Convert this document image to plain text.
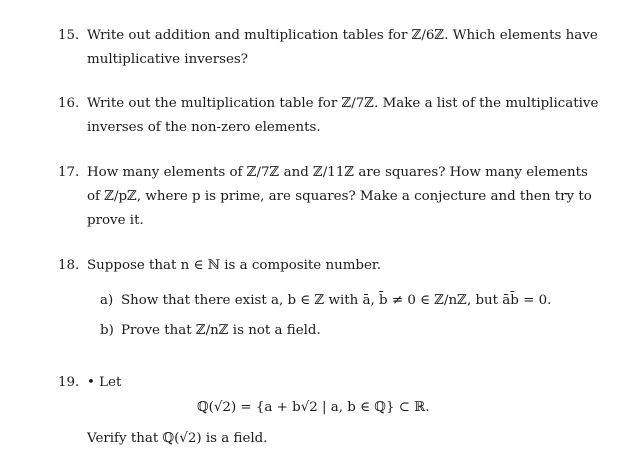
15. Write out addition and multiplication tables for ℤ/6ℤ. Which elements have
multiplicative inverses?
16. Write out the multiplication table for ℤ/7ℤ. Make a list of the multiplicative
inverses of the non-zero elements.
17. How many elements of ℤ/7ℤ and ℤ/11ℤ are squares? How many elements
of ℤ/pℤ, where p is prime, are squares? Make a conjecture and then try to
prove it.
18. Suppose that n ∈ ℕ is a composite number.
a) Show that there exist a, b ∈ ℤ with ā, b̄ ≠ 0 ∈ ℤ/nℤ, but āb̄ = 0.
b) Prove that ℤ/nℤ is not a field.
19. • Let
ℚ(√2) = {a + b√2 | a, b ∈ ℚ} ⊂ ℝ.
Verify that ℚ(√2) is a field.
